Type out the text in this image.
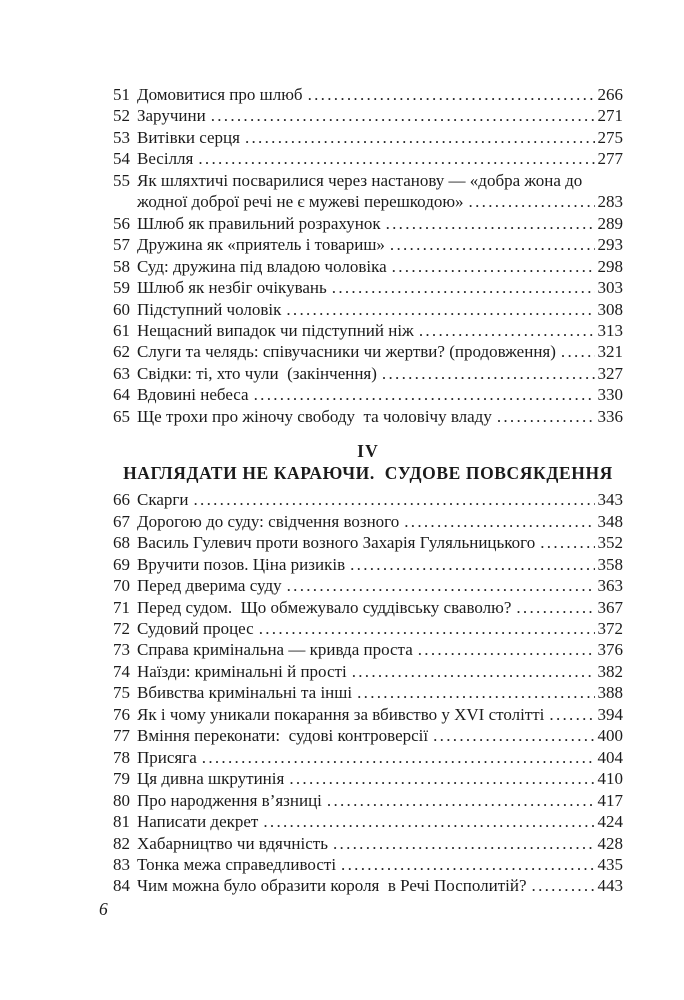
51 Домовитися про шлюб .....	266
52 Заручини .....	271
53 Витівки серця .....	275
54 Весілля .....	277
55 Як шляхтичі посварилися через настанову — «добра жона до
жодної доброї речі не є мужеві перешкодою» .....	283
56 Шлюб як правильний розрахунок .....	289
57 Дружина як «приятель і товариш» .....	293
58 Суд: дружина під владою чоловіка .....	298
59 Шлюб як незбіг очікувань .....	303
60 Підступний чоловік .....	308
61 Нещасний випадок чи підступний ніж .....	313
62 Слуги та челядь: співучасники чи жертви? (продовження) ..... 321
63 Свідки: ті, хто чули  (закінчення) .....	327
64 Вдовині небеса .....	330
65 Ще трохи про жіночу свободу  та чоловічу владу .....	336
IV
НАГЛЯДАТИ НЕ КАРАЮЧИ.  СУДОВЕ ПОВСЯКДЕННЯ
66 Скарги .....	343
67 Дорогою до суду: свідчення возного .....	348
68 Василь Гулевич проти возного Захарія Гуляльницького .....	352
69 Вручити позов. Ціна ризиків .....	358
70 Перед дверима суду .....	363
71 Перед судом.  Що обмежувало суддівську сваволю? .....	367
72 Судовий процес .....	372
73 Справа кримінальна — кривда проста .....	376
74 Наїзди: кримінальні й прості .....	382
75 Вбивства кримінальні та інші .....	388
76 Як і чому уникали покарання за вбивство у XVI столітті .....	394
77 Вміння переконати:  судові контроверсії .....	400
78 Присяга .....	404
79 Ця дивна шкрутинія .....	410
80 Про народження в’язниці .....	417
81 Написати декрет .....	424
82 Хабарництво чи вдячність .....	428
83 Тонка межа справедливості .....	435
84 Чим можна було образити короля  в Речі Посполитій? .....	443
6
